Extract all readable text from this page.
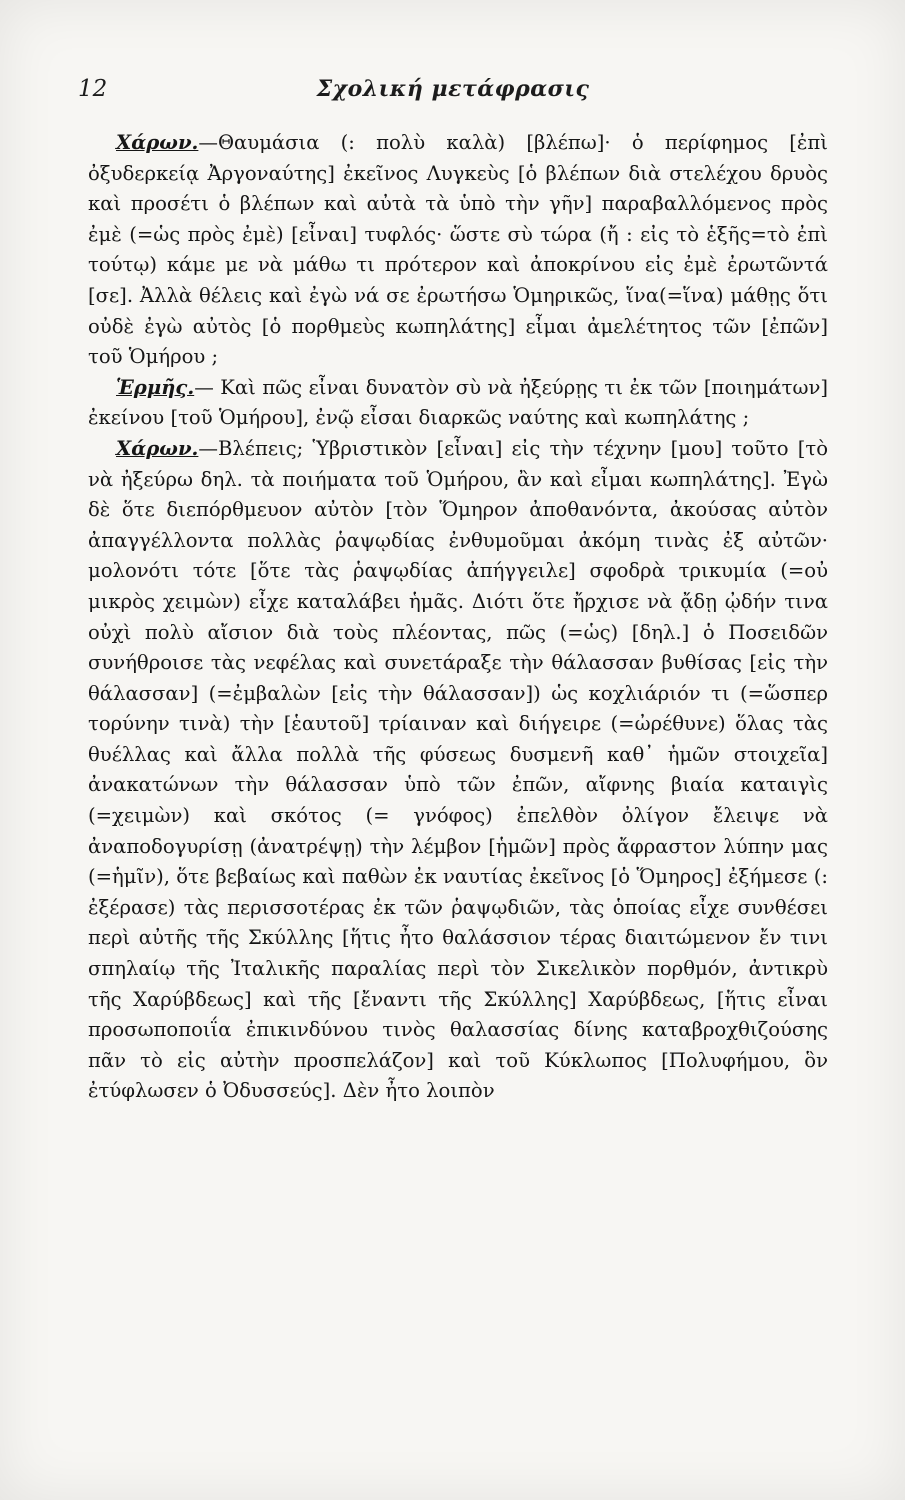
12	Σχολική μετάφρασις

Χάρων.—Θαυμάσια (: πολὺ καλὰ) [βλέπω]· ὁ περίφημος [ἐπὶ ὀξυδερκείᾳ Ἀργοναύτης] ἐκεῖνος Λυγκεὺς [ὁ βλέπων διὰ στελέχου δρυὸς καὶ προσέτι ὁ βλέπων καὶ αὐτὰ τὰ ὑπὸ τὴν γῆν] παραβαλλόμενος πρὸς ἐμὲ (=ὡς πρὸς ἐμὲ) [εἶναι] τυφλός· ὥστε σὺ τώρα (ἤ : εἰς τὸ ἑξῆς=τὸ ἐπὶ τούτῳ) κάμε με νὰ μάθω τι πρότερον καὶ ἀποκρίνου εἰς ἐμὲ ἐρωτῶντά [σε]. Ἀλλὰ θέλεις καὶ ἐγὼ νά σε ἐρωτήσω Ὁμηρικῶς, ἵνα(=ἵνα) μάθῃς ὅτι οὐδὲ ἐγὼ αὐτὸς [ὁ πορθμεὺς κωπηλάτης] εἶμαι ἀμελέτητος τῶν [ἐπῶν] τοῦ Ὁμήρου ;

Ἑρμῆς.— Καὶ πῶς εἶναι δυνατὸν σὺ νὰ ἠξεύρῃς τι ἐκ τῶν [ποιημάτων] ἐκείνου [τοῦ Ὁμήρου], ἐνῷ εἶσαι διαρκῶς ναύτης καὶ κωπηλάτης ;

Χάρων.—Βλέπεις; Ὑβριστικὸν [εἶναι] εἰς τὴν τέχνην [μου] τοῦτο [τὸ νὰ ἠξεύρω δηλ. τὰ ποιήματα τοῦ Ὁμήρου, ἂν καὶ εἶμαι κωπηλάτης]. Ἐγὼ δὲ ὅτε διεπόρθμευον αὐτὸν [τὸν Ὅμηρον ἀποθανόντα, ἀκούσας αὐτὸν ἀπαγγέλλοντα πολλὰς ῥαψῳδίας ἐνθυμοῦμαι ἀκόμη τινὰς ἐξ αὐτῶν· μολονότι τότε [ὅτε τὰς ῥαψῳδίας ἀπήγγειλε] σφοδρὰ τρικυμία (=οὐ μικρὸς χειμὼν) εἶχε καταλάβει ἡμᾶς. Διότι ὅτε ἤρχισε νὰ ᾄδῃ ᾠδήν τινα οὐχὶ πολὺ αἴσιον διὰ τοὺς πλέοντας, πῶς (=ὡς) [δηλ.] ὁ Ποσειδῶν συνήθροισε τὰς νεφέλας καὶ συνετάραξε τὴν θάλασσαν βυθίσας [εἰς τὴν θάλασσαν] (=ἐμβαλὼν [εἰς τὴν θάλασσαν]) ὡς κοχλιάριόν τι (=ὥσπερ τορύνην τινὰ) τὴν [ἑαυτοῦ] τρίαιναν καὶ διήγειρε (=ὠρέθυνε) ὅλας τὰς θυέλλας καὶ ἄλλα πολλὰ τῆς φύσεως δυσμενῆ καθ᾽ ἡμῶν στοιχεῖα] ἀνακατώνων τὴν θάλασσαν ὑπὸ τῶν ἐπῶν, αἴφνης βιαία καταιγὶς (=χειμὼν) καὶ σκότος (= γνόφος) ἐπελθὸν ὀλίγον ἔλειψε νὰ ἀναποδογυρίσῃ (ἀνατρέψῃ) τὴν λέμβον [ἡμῶν] πρὸς ἄφραστον λύπην μας (=ἡμῖν), ὅτε βεβαίως καὶ παθὼν ἐκ ναυτίας ἐκεῖνος [ὁ Ὅμηρος] ἐξήμεσε (: ἐξέρασε) τὰς περισσοτέρας ἐκ τῶν ῥαψῳδιῶν, τὰς ὁποίας εἶχε συνθέσει περὶ αὐτῆς τῆς Σκύλλης [ἥτις ἦτο θαλάσσιον τέρας διαιτώμενον ἔν τινι σπηλαίῳ τῆς Ἰταλικῆς παραλίας περὶ τὸν Σικελικὸν πορθμόν, ἀντικρὺ τῆς Χαρύβδεως] καὶ τῆς [ἔναντι τῆς Σκύλλης] Χαρύβδεως, [ἥτις εἶναι προσωποποιΐα ἐπικινδύνου τινὸς θαλασσίας δίνης καταβροχθιζούσης πᾶν τὸ εἰς αὐτὴν προσπελάζον] καὶ τοῦ Κύκλωπος [Πολυφήμου, ὃν ἐτύφλωσεν ὁ Ὀδυσσεύς]. Δὲν ἦτο λοιπὸν
